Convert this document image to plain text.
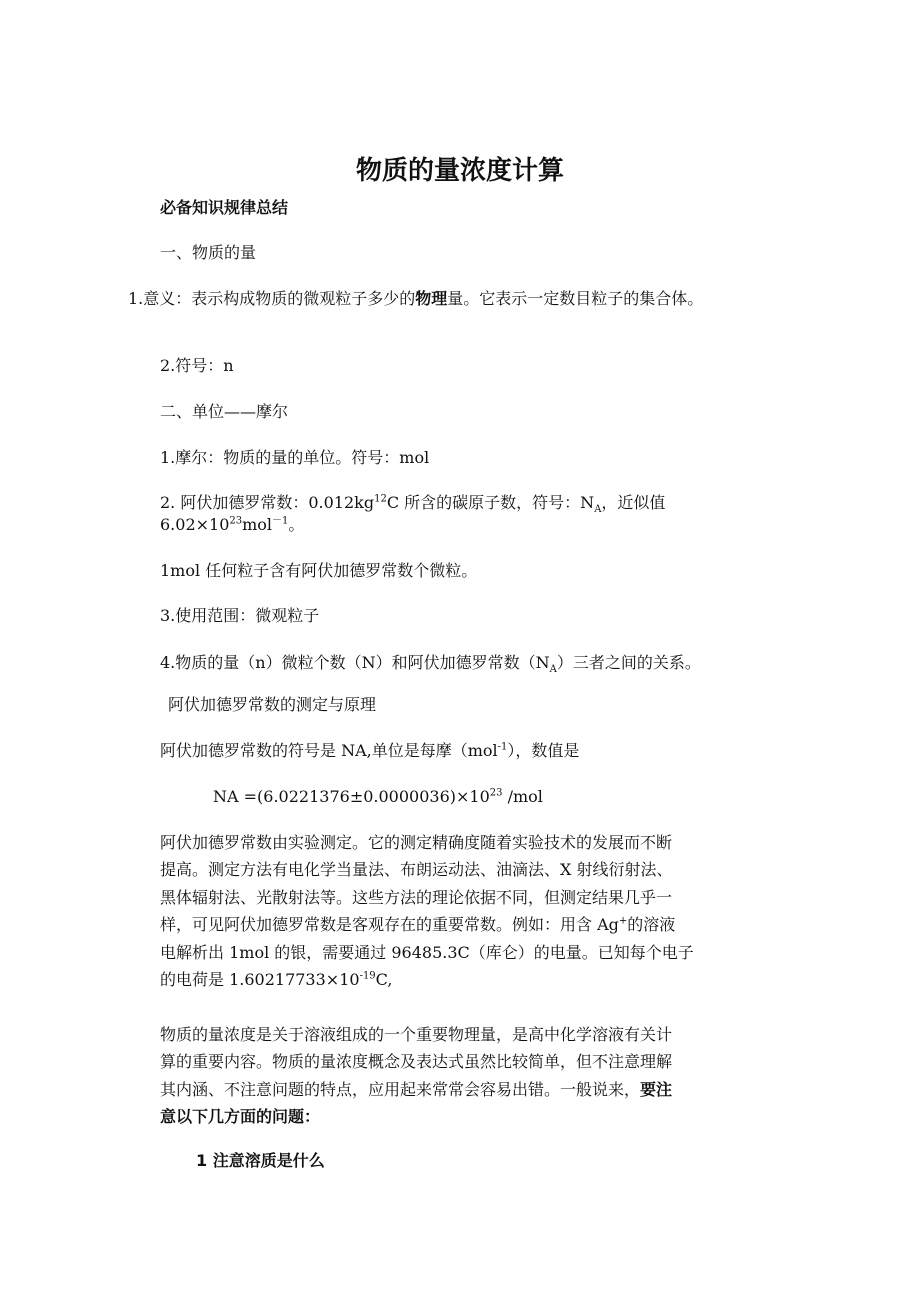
物质的量浓度计算
必备知识规律总结
一、物质的量
1.意义：表示构成物质的微观粒子多少的物理量。它表示一定数目粒子的集合体。
2.符号：n
二、单位——摩尔
1.摩尔：物质的量的单位。符号：mol
2. 阿伏加德罗常数：$0.012kg^{12}C$ 所含的碳原子数，符号：$N_A$，近似值
$6.02\times 10^{23}mol^{-1}$。
1mol 任何粒子含有阿伏加德罗常数个微粒。
3.使用范围：微观粒子
4.物质的量（n）微粒个数（N）和阿伏加德罗常数$(N_A)$三者之间的关系。
阿伏加德罗常数的测定与原理
阿伏加德罗常数的符号是 NA,单位是每摩（mol$^{-1}$），数值是
NA $=(6.0221376\pm 0.0000036)\times 10^{23}$ /mol
阿伏加德罗常数由实验测定。它的测定精确度随着实验技术的发展而不断
提高。测定方法有电化学当量法、布朗运动法、油滴法、X 射线衍射法、
黑体辐射法、光散射法等。这些方法的理论依据不同，但测定结果几乎一
样，可见阿伏加德罗常数是客观存在的重要常数。例如：用含 Ag+的溶液
电解析出 1mol 的银，需要通过 96485.3C（库仑）的电量。已知每个电子
的电荷是 $1.60217733\times 10^{-19}C$,
物质的量浓度是关于溶液组成的一个重要物理量，是高中化学溶液有关计
算的重要内容。物质的量浓度概念及表达式虽然比较简单，但不注意理解
其内涵、不注意问题的特点，应用起来常常会容易出错。一般说来，要注
意以下几方面的问题：
1 注意溶质是什么
